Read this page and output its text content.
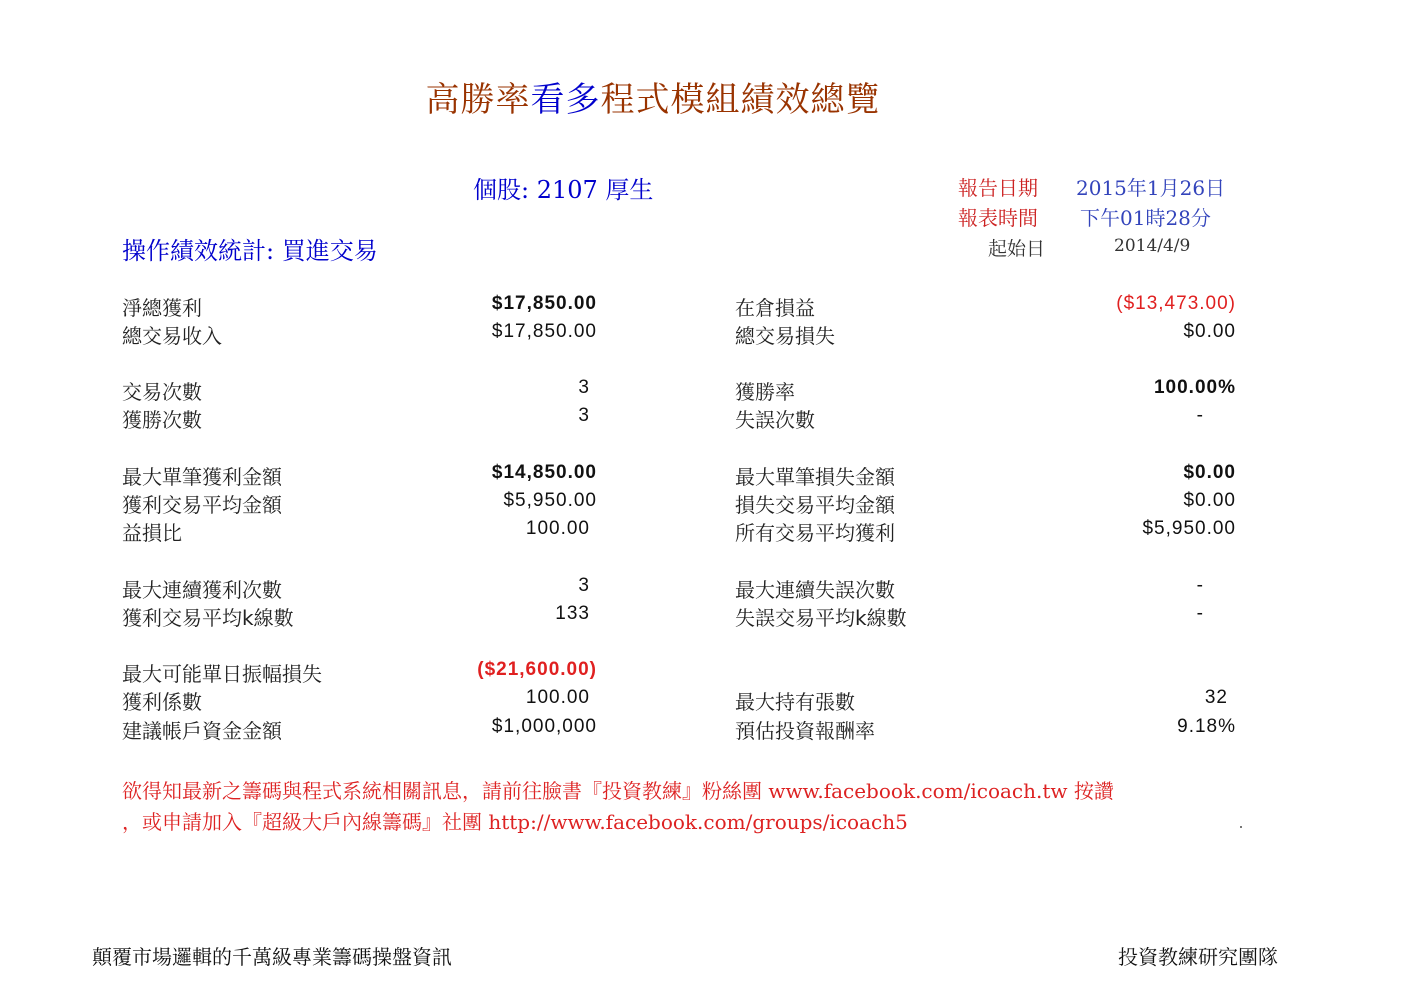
高勝率看多程式模組績效總覽
個股: 2107 厚生
操作績效統計: 買進交易
報告日期 2015年1月26日
報表時間 下午01時28分
起始日	2014/4/9
淨總獲利
總交易收入
交易次數
獲勝次數
最大單筆獲利金額
獲利交易平均金額
益損比
最大連續獲利次數
獲利交易平均k線數
最大可能單日振幅損失
獲利係數
建議帳戶資金金額
$17,850.00
$17,850.00
3
3
$14,850.00
$5,950.00
100.00
3
133
($21,600.00)
100.00
$1,000,000
在倉損益
總交易損失
獲勝率
失誤次數
最大單筆損失金額
損失交易平均金額
所有交易平均獲利
最大連續失誤次數
失誤交易平均k線數
最大持有張數
預估投資報酬率
($13,473.00)
$0.00
100.00%
-
$0.00
$0.00
$5,950.00
-
-
32
9.18%
欲得知最新之籌碼與程式系統相關訊息，請前往臉書『投資教練』粉絲團 www.facebook.com/icoach.tw 按讚
，或申請加入『超級大戶內線籌碼』社團 http://www.facebook.com/groups/icoach5
顛覆市場邏輯的千萬級專業籌碼操盤資訊	投資教練研究團隊
